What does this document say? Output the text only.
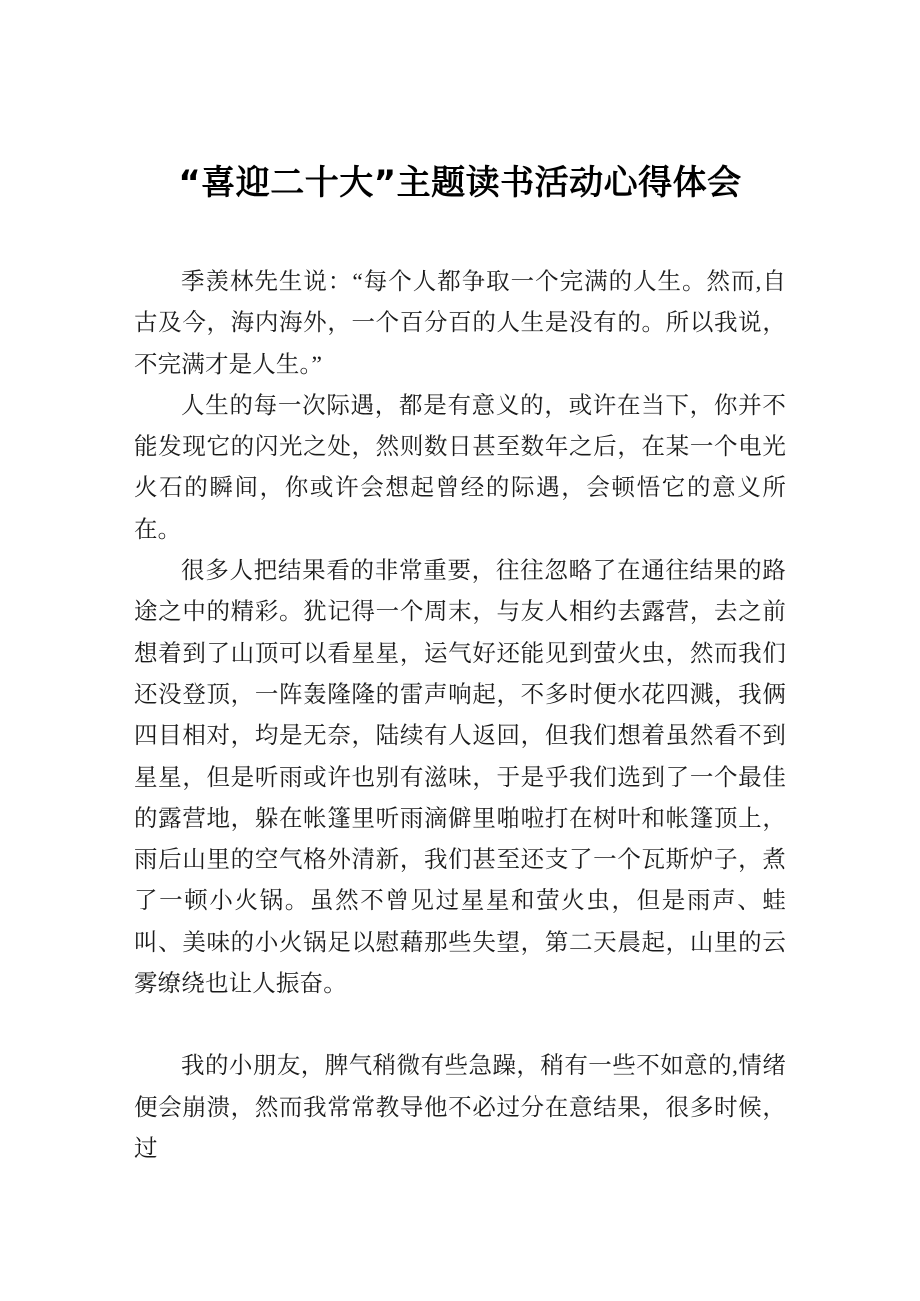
“喜迎二十大”主题读书活动心得体会

季羡林先生说：“每个人都争取一个完满的人生。然而,自古及今，海内海外，一个百分百的人生是没有的。所以我说，不完满才是人生。”

人生的每一次际遇，都是有意义的，或许在当下，你并不能发现它的闪光之处，然则数日甚至数年之后，在某一个电光火石的瞬间，你或许会想起曾经的际遇，会顿悟它的意义所在。

很多人把结果看的非常重要，往往忽略了在通往结果的路途之中的精彩。犹记得一个周末，与友人相约去露营，去之前想着到了山顶可以看星星，运气好还能见到萤火虫，然而我们还没登顶，一阵轰隆隆的雷声响起，不多时便水花四溅，我俩四目相对，均是无奈，陆续有人返回，但我们想着虽然看不到星星，但是听雨或许也别有滋味，于是乎我们选到了一个最佳的露营地，躲在帐篷里听雨滴僻里啪啦打在树叶和帐篷顶上，雨后山里的空气格外清新，我们甚至还支了一个瓦斯炉子，煮了一顿小火锅。虽然不曾见过星星和萤火虫，但是雨声、蛙叫、美味的小火锅足以慰藉那些失望，第二天晨起，山里的云雾缭绕也让人振奋。

我的小朋友，脾气稍微有些急躁，稍有一些不如意的,情绪便会崩溃，然而我常常教导他不必过分在意结果，很多时候，过
